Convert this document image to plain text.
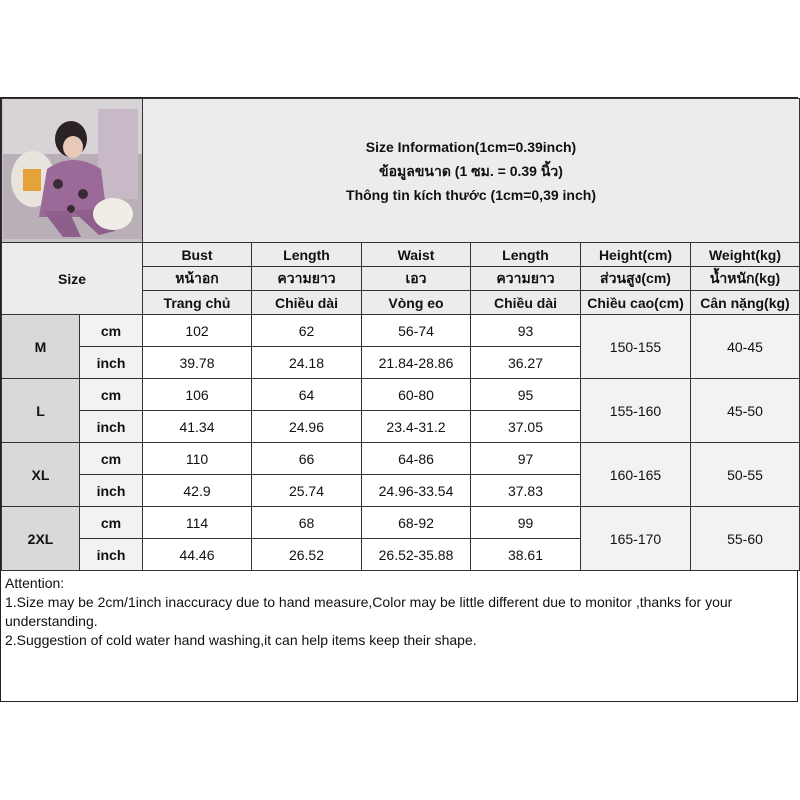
Size Information(1cm=0.39inch)
ข้อมูลขนาด (1 ซม. = 0.39 นิ้ว)
Thông tin kích thước (1cm=0,39 inch)					

Size		Bust	Length	Waist	Length	Height(cm)	Weight(kg)
		หน้าอก	ความยาว	เอว	ความยาว	ส่วนสูง(cm)	น้ำหนัก(kg)
		Trang chủ	Chiều dài	Vòng eo	Chiều dài	Chiều cao(cm)	Cân nặng(kg)
M	cm	102	62	56-74	93	150-155	40-45
	inch	39.78	24.18	21.84-28.86	36.27		
L	cm	106	64	60-80	95	155-160	45-50
	inch	41.34	24.96	23.4-31.2	37.05		
XL	cm	110	66	64-86	97	160-165	50-55
	inch	42.9	25.74	24.96-33.54	37.83		
2XL	cm	114	68	68-92	99	165-170	55-60
	inch	44.46	26.52	26.52-35.88	38.61		

Attention:

1.Size may be 2cm/1inch inaccuracy due to hand measure,Color may be little different due to monitor ,thanks for your understanding.

2.Suggestion of cold water hand washing,it can help items keep their shape.
